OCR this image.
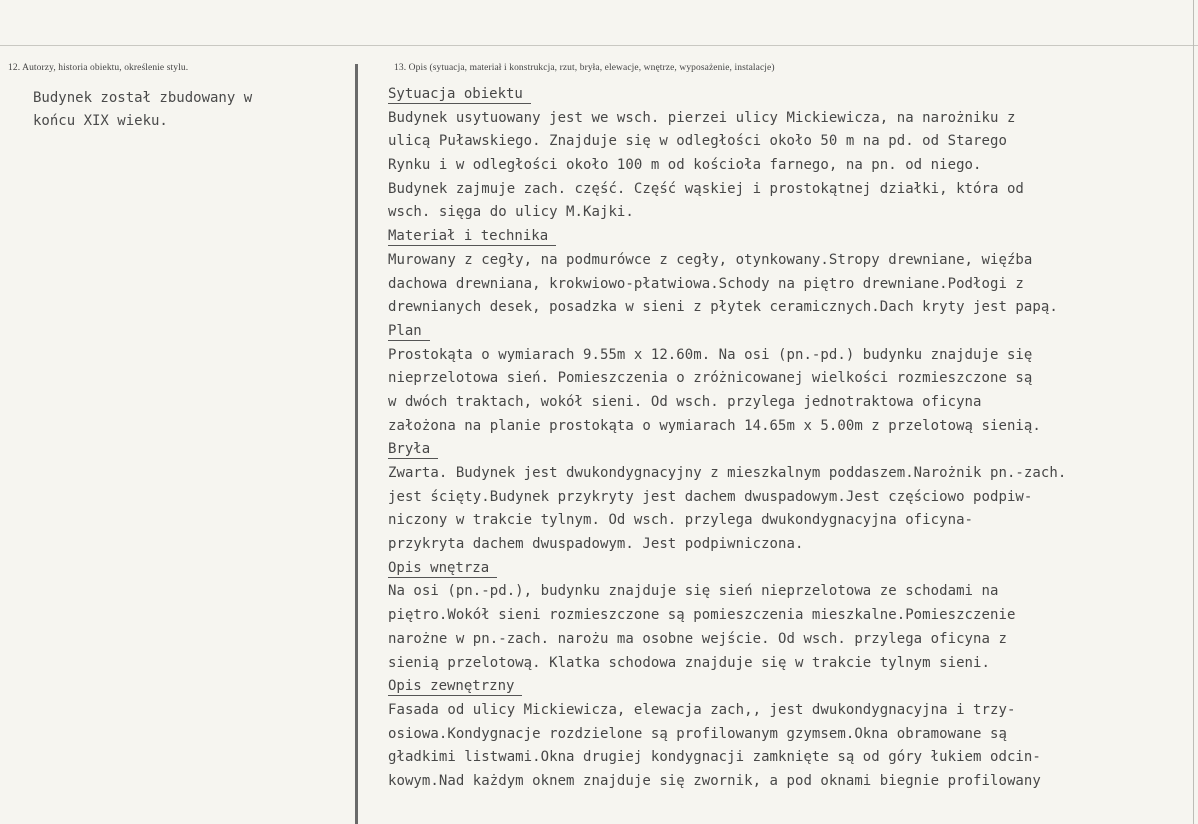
12. Autorzy, historia obiektu, określenie stylu.
Budynek został zbudowany w
końcu XIX wieku.
13. Opis (sytuacja, materiał i konstrukcja, rzut, bryła, elewacje, wnętrze, wyposażenie, instalacje)
Sytuacja obiektu
Budynek usytuowany jest we wsch. pierzei ulicy Mickiewicza, na narożniku z
ulicą Puławskiego. Znajduje się w odległości około 50 m na pd. od Starego
Rynku i w odległości około 100 m od kościoła farnego, na pn. od niego.
Budynek zajmuje zach. część. Część wąskiej i prostokątnej działki, która od
wsch. sięga do ulicy M.Kajki.
Materiał i technika
Murowany z cegły, na podmurówce z cegły, otynkowany.Stropy drewniane, więźba
dachowa drewniana, krokwiowo-płatwiowa.Schody na piętro drewniane.Podłogi z
drewnianych desek, posadzka w sieni z płytek ceramicznych.Dach kryty jest papą.
Plan
Prostokąta o wymiarach 9.55m x 12.60m. Na osi (pn.-pd.) budynku znajduje się
nieprzelotowa sień. Pomieszczenia o zróżnicowanej wielkości rozmieszczone są
w dwóch traktach, wokół sieni. Od wsch. przylega jednotraktowa oficyna
założona na planie prostokąta o wymiarach 14.65m x 5.00m z przelotową sienią.
Bryła
Zwarta. Budynek jest dwukondygnacyjny z mieszkalnym poddaszem.Narożnik pn.-zach.
jest ścięty.Budynek przykryty jest dachem dwuspadowym.Jest częściowo podpiw-
niczony w trakcie tylnym. Od wsch. przylega dwukondygnacyjna oficyna-
przykryta dachem dwuspadowym. Jest podpiwniczona.
Opis wnętrza
Na osi (pn.-pd.), budynku znajduje się sień nieprzelotowa ze schodami na
piętro.Wokół sieni rozmieszczone są pomieszczenia mieszkalne.Pomieszczenie
narożne w pn.-zach. narożu ma osobne wejście. Od wsch. przylega oficyna z
sienią przelotową. Klatka schodowa znajduje się w trakcie tylnym sieni.
Opis zewnętrzny
Fasada od ulicy Mickiewicza, elewacja zach,, jest dwukondygnacyjna i trzy-
osiowa.Kondygnacje rozdzielone są profilowanym gzymsem.Okna obramowane są
gładkimi listwami.Okna drugiej kondygnacji zamknięte są od góry łukiem odcin-
kowym.Nad każdym oknem znajduje się zwornik, a pod oknami biegnie profilowany
